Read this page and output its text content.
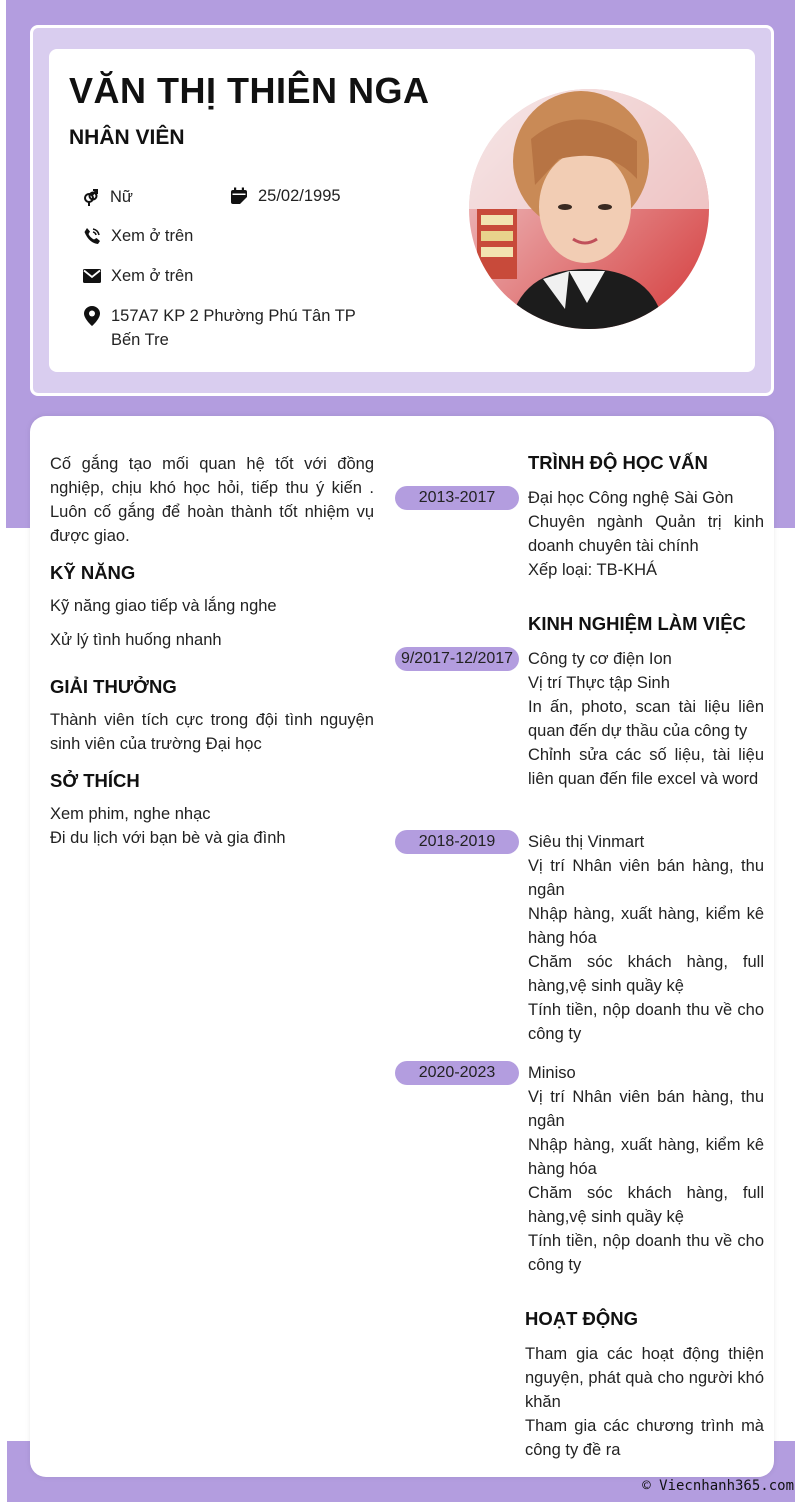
VĂN THỊ THIÊN NGA
NHÂN VIÊN
Nữ	25/02/1995
Xem ở trên
Xem ở trên
157A7 KP 2 Phường Phú Tân TP Bến Tre
Cố gắng tạo mối quan hệ tốt với đồng nghiệp, chịu khó học hỏi, tiếp thu ý kiến . Luôn cố gắng để hoàn thành tốt nhiệm vụ được giao.
KỸ NĂNG
Kỹ năng giao tiếp và lắng nghe
Xử lý tình huống nhanh
GIẢI THƯỞNG
Thành viên tích cực trong đội tình nguyện sinh viên của trường Đại học
SỞ THÍCH
Xem phim, nghe nhạc
Đi du lịch với bạn bè và gia đình
TRÌNH ĐỘ HỌC VẤN
2013-2017	Đại học Công nghệ Sài Gòn
Chuyên ngành Quản trị kinh doanh chuyên tài chính
Xếp loại: TB-KHÁ
KINH NGHIỆM LÀM VIỆC
9/2017-12/2017 Công ty cơ điện Ion
Vị trí Thực tập Sinh
In ấn, photo, scan tài liệu liên quan đến dự thầu của công ty
Chỉnh sửa các số liệu, tài liệu liên quan đến file excel và word
2018-2019	Siêu thị Vinmart
Vị trí Nhân viên bán hàng, thu ngân
Nhập hàng, xuất hàng, kiểm kê hàng hóa
Chăm sóc khách hàng, full hàng,vệ sinh quầy kệ
Tính tiền, nộp doanh thu về cho công ty
2020-2023	Miniso
Vị trí Nhân viên bán hàng, thu ngân
Nhập hàng, xuất hàng, kiểm kê hàng hóa
Chăm sóc khách hàng, full hàng,vệ sinh quầy kệ
Tính tiền, nộp doanh thu về cho công ty
HOẠT ĐỘNG
Tham gia các hoạt động thiện nguyện, phát quà cho người khó khăn
Tham gia các chương trình mà công ty đề ra
© Viecnhanh365.com
